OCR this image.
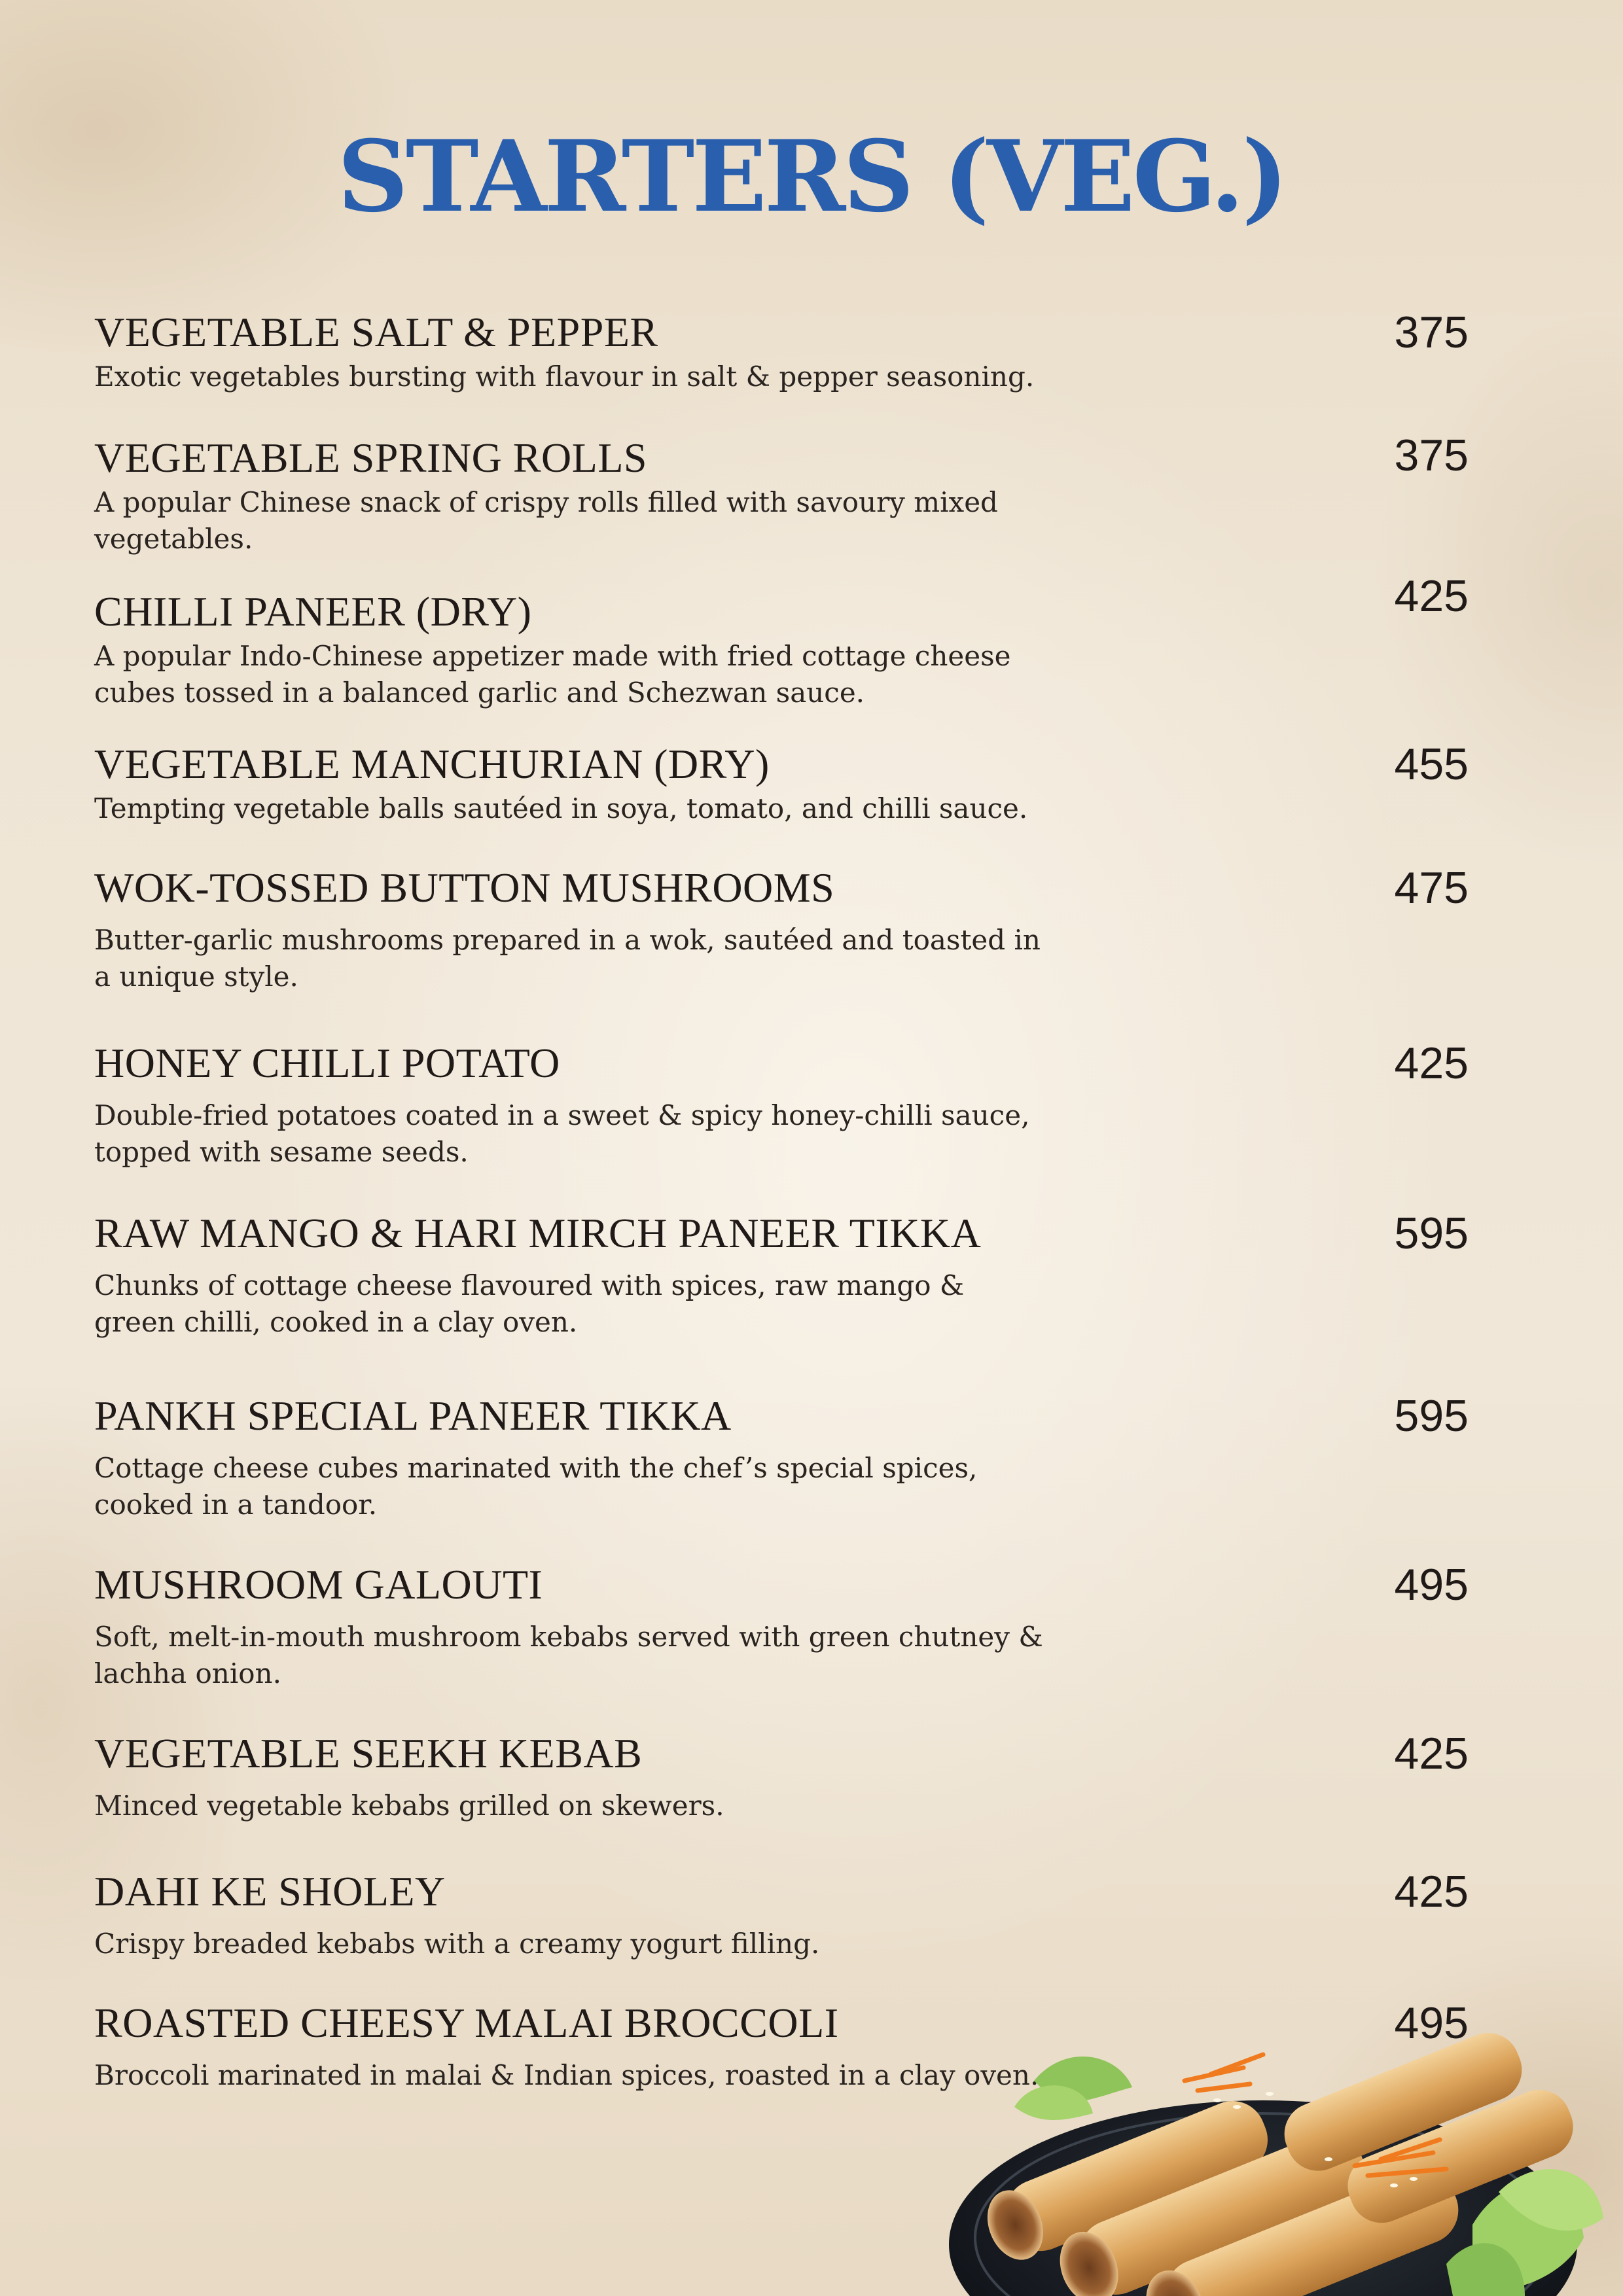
STARTERS (VEG.)
VEGETABLE SALT & PEPPER
Exotic vegetables bursting with flavour in salt & pepper seasoning.
375
VEGETABLE SPRING ROLLS
A popular Chinese snack of crispy rolls filled with savoury mixed vegetables.
375
CHILLI PANEER (DRY)
A popular Indo-Chinese appetizer made with fried cottage cheese cubes tossed in a balanced garlic and Schezwan sauce.
425
VEGETABLE MANCHURIAN (DRY)
Tempting vegetable balls sautéed in soya, tomato, and chilli sauce.
455
WOK-TOSSED BUTTON MUSHROOMS
Butter-garlic mushrooms prepared in a wok, sautéed and toasted in a unique style.
475
HONEY CHILLI POTATO
Double-fried potatoes coated in a sweet & spicy honey-chilli sauce, topped with sesame seeds.
425
RAW MANGO & HARI MIRCH PANEER TIKKA
Chunks of cottage cheese flavoured with spices, raw mango & green chilli, cooked in a clay oven.
595
PANKH SPECIAL PANEER TIKKA
Cottage cheese cubes marinated with the chef’s special spices, cooked in a tandoor.
595
MUSHROOM GALOUTI
Soft, melt-in-mouth mushroom kebabs served with green chutney & lachha onion.
495
VEGETABLE SEEKH KEBAB
Minced vegetable kebabs grilled on skewers.
425
DAHI KE SHOLEY
Crispy breaded kebabs with a creamy yogurt filling.
425
ROASTED CHEESY MALAI BROCCOLI
Broccoli marinated in malai & Indian spices, roasted in a clay oven.
495
